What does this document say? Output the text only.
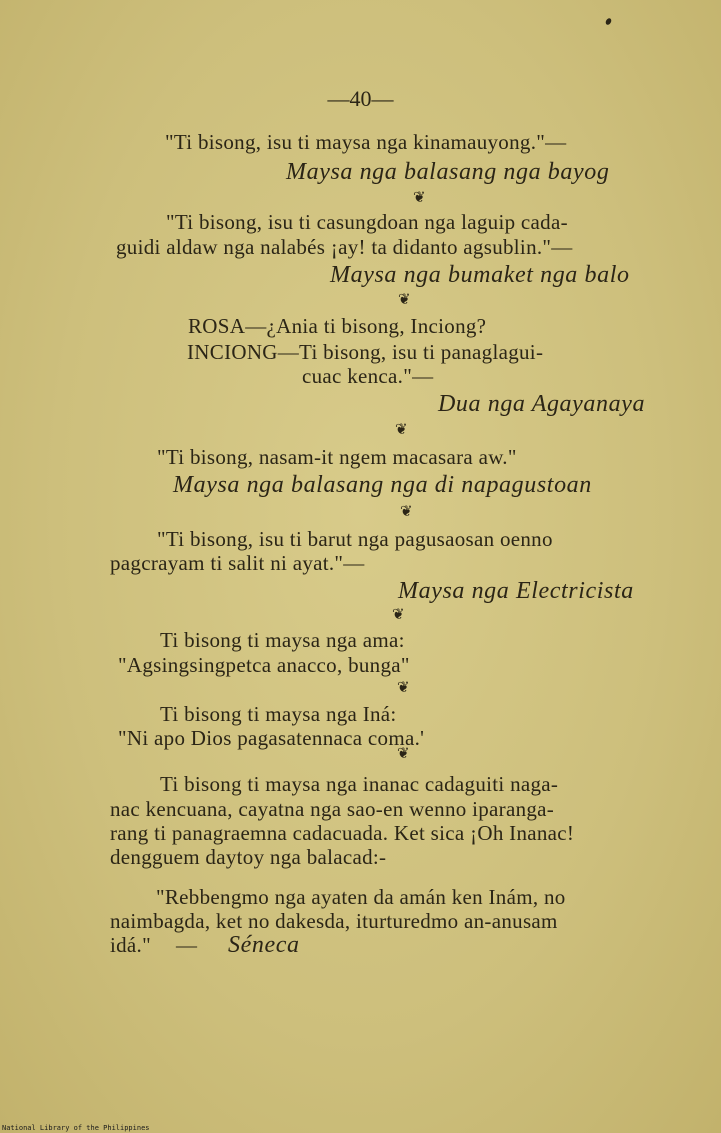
—40—
"Ti bisong, isu ti maysa nga kinamauyong."—
Maysa nga balasang nga bayog
❦
"Ti bisong, isu ti casungdoan nga laguip cada-
guidi aldaw nga nalabés ¡ay! ta didanto agsublin."—
Maysa nga bumaket nga balo
❦
ROSA—¿Ania ti bisong, Inciong?
INCIONG—Ti bisong, isu ti panaglagui-
cuac kenca."—
Dua nga Agayanaya
❦
"Ti bisong, nasam-it ngem macasara aw."
Maysa nga balasang nga di napagustoan
❦
"Ti bisong, isu ti barut nga pagusaosan oenno
pagcrayam ti salit ni ayat."—
Maysa nga Electricista
❦
Ti bisong ti maysa nga ama:
"Agsingsingpetca anacco, bunga"
❦
Ti bisong ti maysa nga Iná:
"Ni apo Dios pagasatennaca coma.'
❦
Ti bisong ti maysa nga inanac cadaguiti naga-
nac kencuana, cayatna nga sao-en wenno iparanga-
rang ti panagraemna cadacuada. Ket sica ¡Oh Inanac!
dengguem daytoy nga balacad:-
"Rebbengmo nga ayaten da amán ken Inám, no
naimbagda, ket no dakesda, iturturedmo an-anusam
idá." — Séneca
National Library of the Philippines
